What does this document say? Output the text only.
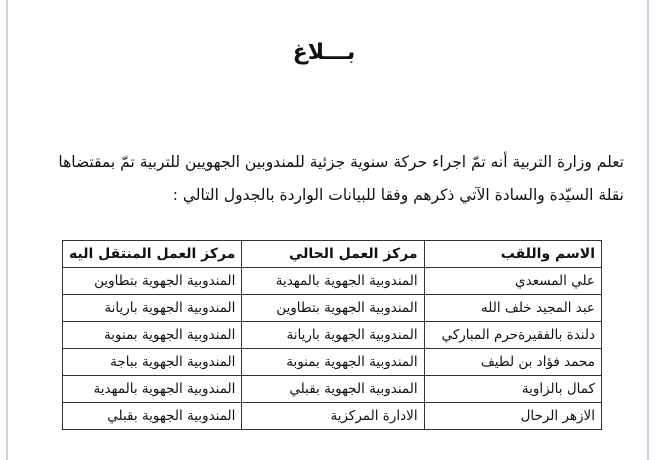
بـــلاغ
تعلم وزارة التربية أنه تمّ اجراء حركة سنوية جزئية للمندوبين الجهويين للتربية تمّ بمقتضاها
نقلة السيّدة والسادة الآتي ذكرهم وفقا للبيانات الواردة بالجدول التالي :
الاسم واللقب	مركز العمل الحالي	مركز العمل المنتقل اليه
علي المسعدي	المندوبية الجهوية بالمهدية	المندوبية الجهوية بتطاوين
عبد المجيد خلف الله	المندوبية الجهوية بتطاوين	المندوبية الجهوية باريانة
دلندة بالفقيرةحرم المباركي	المندوبية الجهوية باريانة	المندوبية الجهوية بمنوبة
محمد فؤاد بن لطيف	المندوبية الجهوية بمنوبة	المندوبية الجهوية بباجة
كمال بالزاوية	المندوبية الجهوية بقبلي	المندوبية الجهوية بالمهدية
الازهر الرحال	الادارة المركزية	المندوبية الجهوية بقبلي
